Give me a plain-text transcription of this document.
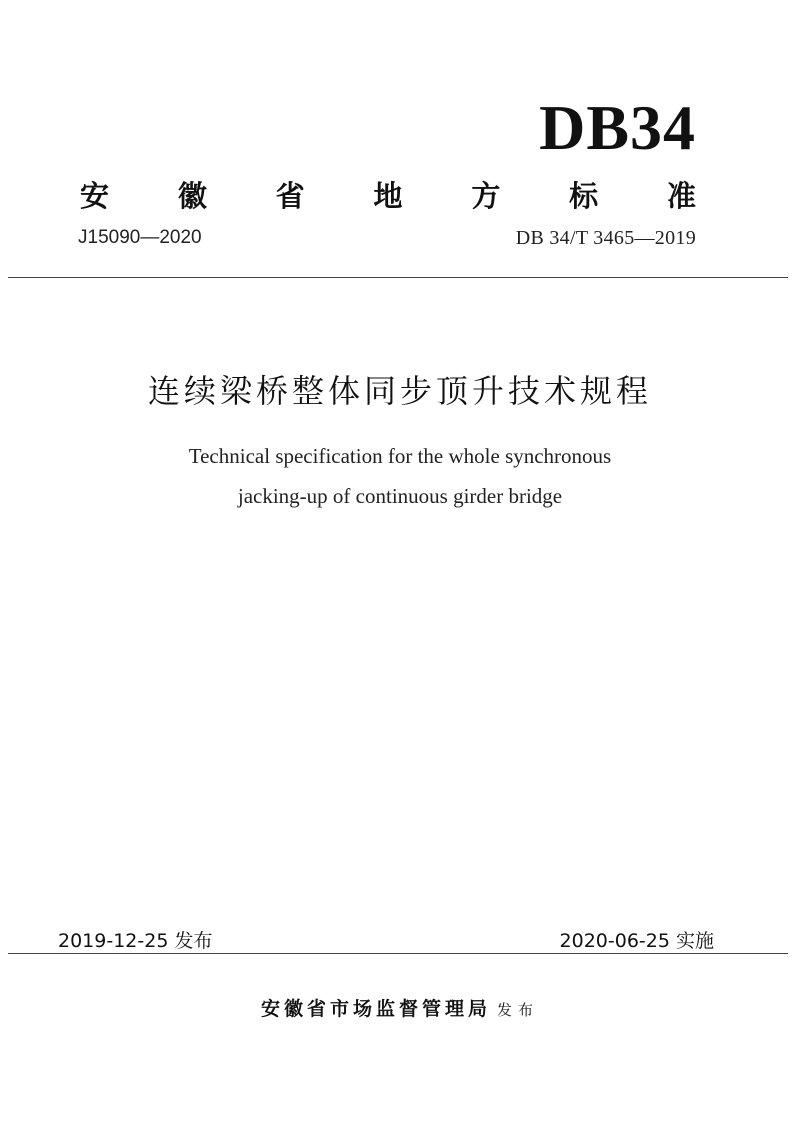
DB34
安 徽 省 地 方 标 准
J15090—2020	DB 34/T 3465—2019
连续梁桥整体同步顶升技术规程
Technical specification for the whole synchronous
jacking-up of continuous girder bridge
2019-12-25 发布	2020-06-25 实施
安徽省市场监督管理局 发布
